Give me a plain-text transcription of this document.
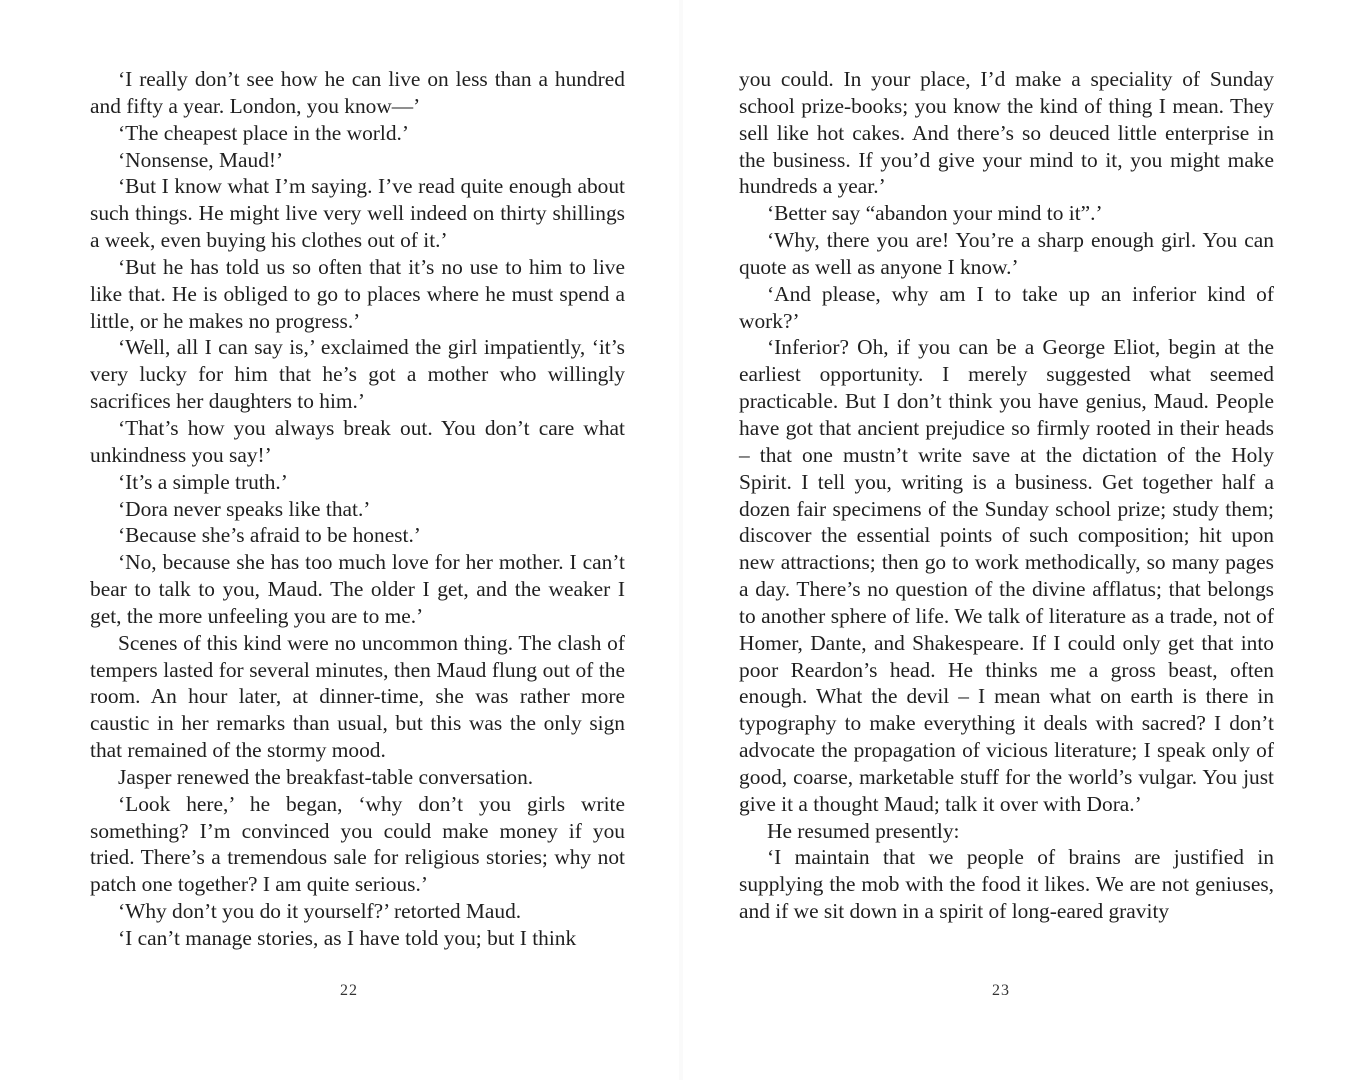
‘I really don’t see how he can live on less than a hundred and fifty a year. London, you know—’

‘The cheapest place in the world.’

‘Nonsense, Maud!’

‘But I know what I’m saying. I’ve read quite enough about such things. He might live very well indeed on thirty shillings a week, even buying his clothes out of it.’

‘But he has told us so often that it’s no use to him to live like that. He is obliged to go to places where he must spend a little, or he makes no progress.’

‘Well, all I can say is,’ exclaimed the girl impatiently, ‘it’s very lucky for him that he’s got a mother who willingly sacrifices her daughters to him.’

‘That’s how you always break out. You don’t care what unkindness you say!’

‘It’s a simple truth.’

‘Dora never speaks like that.’

‘Because she’s afraid to be honest.’

‘No, because she has too much love for her mother. I can’t bear to talk to you, Maud. The older I get, and the weaker I get, the more unfeeling you are to me.’

Scenes of this kind were no uncommon thing. The clash of tempers lasted for several minutes, then Maud flung out of the room. An hour later, at dinner-time, she was rather more caustic in her remarks than usual, but this was the only sign that remained of the stormy mood.

Jasper renewed the breakfast-table conversation.

‘Look here,’ he began, ‘why don’t you girls write something? I’m convinced you could make money if you tried. There’s a tremendous sale for religious stories; why not patch one together? I am quite serious.’

‘Why don’t you do it yourself?’ retorted Maud.

‘I can’t manage stories, as I have told you; but I think

22

you could. In your place, I’d make a speciality of Sunday school prize-books; you know the kind of thing I mean. They sell like hot cakes. And there’s so deuced little enterprise in the business. If you’d give your mind to it, you might make hundreds a year.’

‘Better say “abandon your mind to it”.’

‘Why, there you are! You’re a sharp enough girl. You can quote as well as anyone I know.’

‘And please, why am I to take up an inferior kind of work?’

‘Inferior? Oh, if you can be a George Eliot, begin at the earliest opportunity. I merely suggested what seemed practicable. But I don’t think you have genius, Maud. People have got that ancient prejudice so firmly rooted in their heads – that one mustn’t write save at the dictation of the Holy Spirit. I tell you, writing is a business. Get together half a dozen fair specimens of the Sunday school prize; study them; discover the essential points of such composition; hit upon new attractions; then go to work methodically, so many pages a day. There’s no question of the divine afflatus; that belongs to another sphere of life. We talk of literature as a trade, not of Homer, Dante, and Shakespeare. If I could only get that into poor Reardon’s head. He thinks me a gross beast, often enough. What the devil – I mean what on earth is there in typography to make everything it deals with sacred? I don’t advocate the propagation of vicious literature; I speak only of good, coarse, marketable stuff for the world’s vulgar. You just give it a thought Maud; talk it over with Dora.’

He resumed presently:

‘I maintain that we people of brains are justified in supplying the mob with the food it likes. We are not geniuses, and if we sit down in a spirit of long-eared gravity

23
